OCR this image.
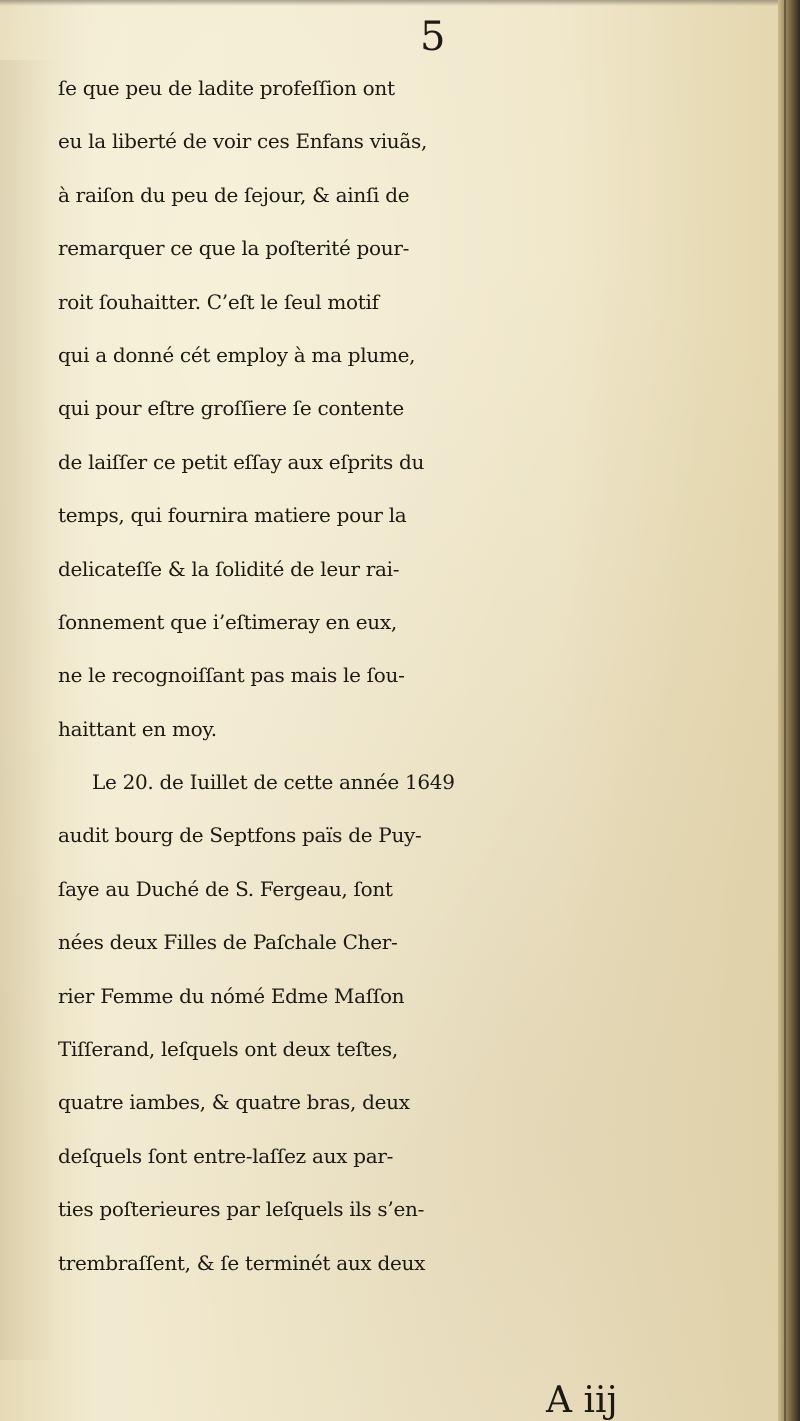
5
ſe que peu de ladite profeſſion ont
eu la liberté de voir ces Enfans viuãs,
à raiſon du peu de ſejour, & ainſi de
remarquer ce que la poſterité pour-
roit ſouhaitter. C’eſt le ſeul motif
qui a donné cét employ à ma plume,
qui pour eſtre groſſiere ſe contente
de laiſſer ce petit eſſay aux eſprits du
temps, qui fournira matiere pour la
delicateſſe & la ſolidité de leur rai-
ſonnement que i’eſtimeray en eux,
ne le recognoiſſant pas mais le ſou-
haittant en moy.
Le 20. de Iuillet de cette année 1649
audit bourg de Septfons païs de Puy-
ſaye au Duché de S. Fergeau, ſont
nées deux Filles de Paſchale Cher-
rier Femme du nómé Edme Maſſon
Tiſſerand, leſquels ont deux teſtes,
quatre iambes, & quatre bras, deux
deſquels ſont entre-laſſez aux par-
ties poſterieures par leſquels ils s’en-
trembraſſent, & ſe terminét aux deux
A iij
